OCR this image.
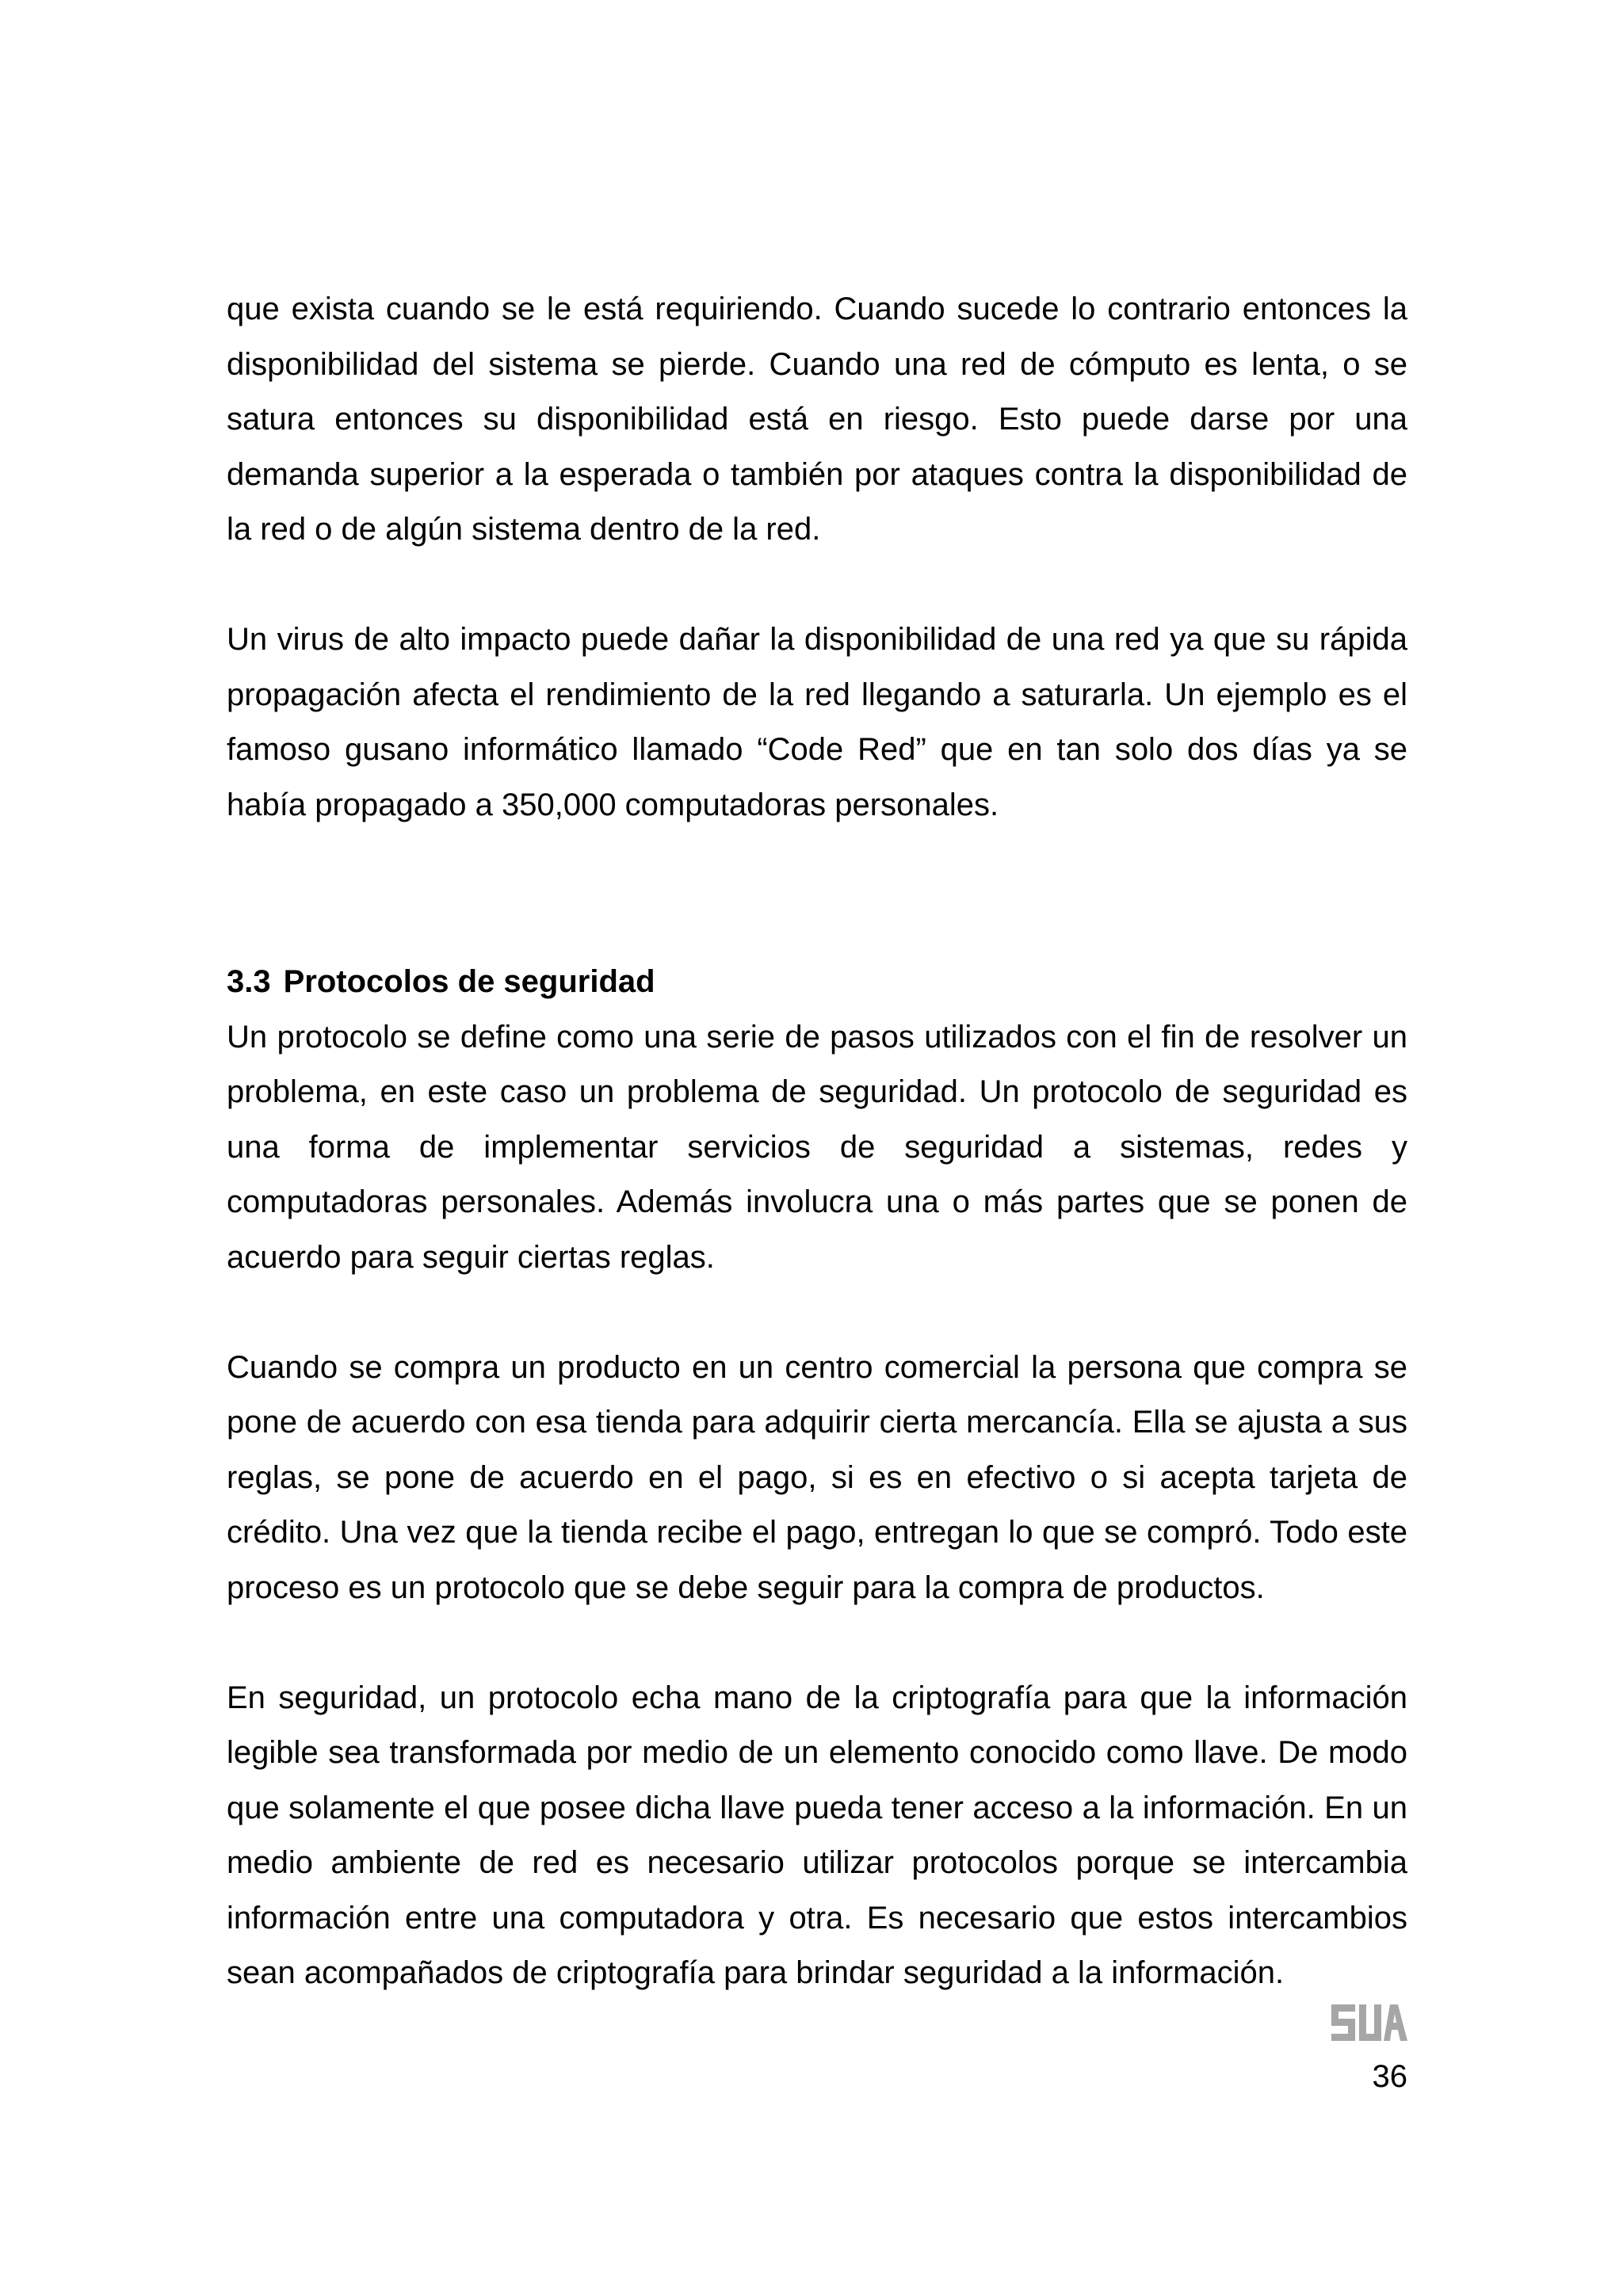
que exista cuando se le está requiriendo. Cuando sucede lo contrario entonces la disponibilidad del sistema se pierde. Cuando una red de cómputo es lenta, o se satura entonces su disponibilidad está en riesgo. Esto puede darse por una demanda superior a la esperada o también por ataques contra la disponibilidad de la red o de algún sistema dentro de la red.

Un virus de alto impacto puede dañar la disponibilidad de una red ya que su rápida propagación afecta el rendimiento de la red llegando a saturarla. Un ejemplo es el famoso gusano informático llamado “Code Red” que en tan solo dos días ya se había propagado a 350,000 computadoras personales.

3.3 Protocolos de seguridad

Un protocolo se define como una serie de pasos utilizados con el fin de resolver un problema, en este caso un problema de seguridad. Un protocolo de seguridad es una forma de implementar servicios de seguridad a sistemas, redes y computadoras personales. Además involucra una o más partes que se ponen de acuerdo para seguir ciertas reglas.

Cuando se compra un producto en un centro comercial la persona que compra se pone de acuerdo con esa tienda para adquirir cierta mercancía. Ella se ajusta a sus reglas, se pone de acuerdo en el pago, si es en efectivo o si acepta tarjeta de crédito. Una vez que la tienda recibe el pago, entregan lo que se compró. Todo este proceso es un protocolo que se debe seguir para la compra de productos.

En seguridad, un protocolo echa mano de la criptografía para que la información legible sea transformada por medio de un elemento conocido como llave. De modo que solamente el que posee dicha llave pueda tener acceso a la información. En un medio ambiente de red es necesario utilizar protocolos porque se intercambia información entre una computadora y otra. Es necesario que estos intercambios sean acompañados de criptografía para brindar seguridad a la información.

36
